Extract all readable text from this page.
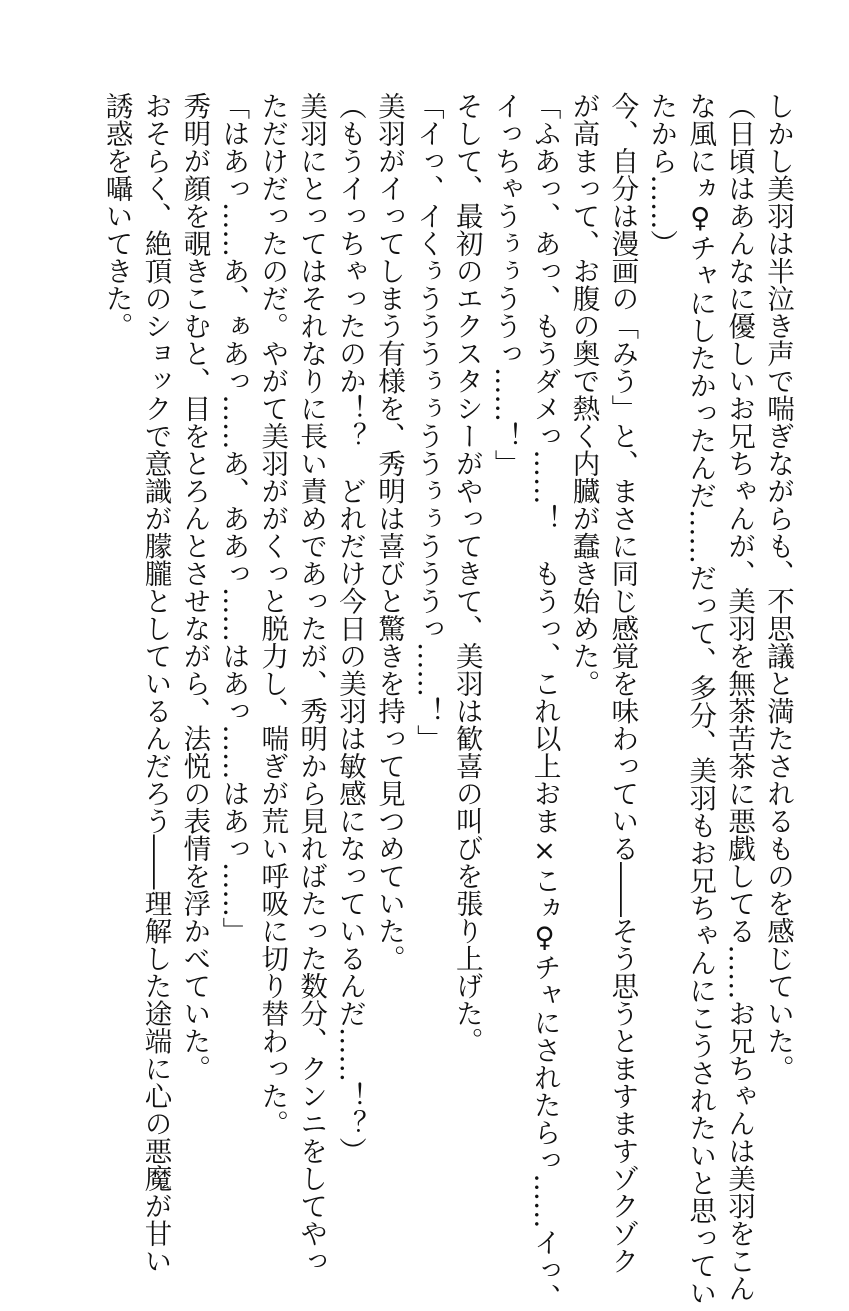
しかし美羽は半泣き声で喘ぎながらも、不思議と満たされるものを感じていた。

（日頃はあんなに優しいお兄ちゃんが、美羽を無茶苦茶に悪戯してる……お兄ちゃんは美羽をこん

な風にヵ♀チャにしたかったんだ……だって、多分、美羽もお兄ちゃんにこうされたいと思ってい

たから……）

今、自分は漫画の「みう」と、まさに同じ感覚を味わっている――そう思うとますますゾクゾク

が高まって、お腹の奥で熱く内臓が蠢き始めた。

「ふあっ、あっ、もうダメっ……！　もうっ、これ以上おま×こヵ♀チャにされたらっ……イっ、

イっちゃうぅぅううっ……！」

そして、最初のエクスタシーがやってきて、美羽は歓喜の叫びを張り上げた。

「イっ、イくぅうううぅぅううぅぅうううっ……！」

美羽がイってしまう有様を、秀明は喜びと驚きを持って見つめていた。

（もうイっちゃったのか！？　どれだけ今日の美羽は敏感になっているんだ……！？）

美羽にとってはそれなりに長い責めであったが、秀明から見ればたった数分、クンニをしてやっ

ただけだったのだ。やがて美羽ががくっと脱力し、喘ぎが荒い呼吸に切り替わった。

「はあっ……あ、ぁあっ……あ、ああっ……はあっ……はあっ……」

秀明が顔を覗きこむと、目をとろんとさせながら、法悦の表情を浮かべていた。

おそらく、絶頂のショックで意識が朦朧としているんだろう――理解した途端に心の悪魔が甘い

誘惑を囁いてきた。
